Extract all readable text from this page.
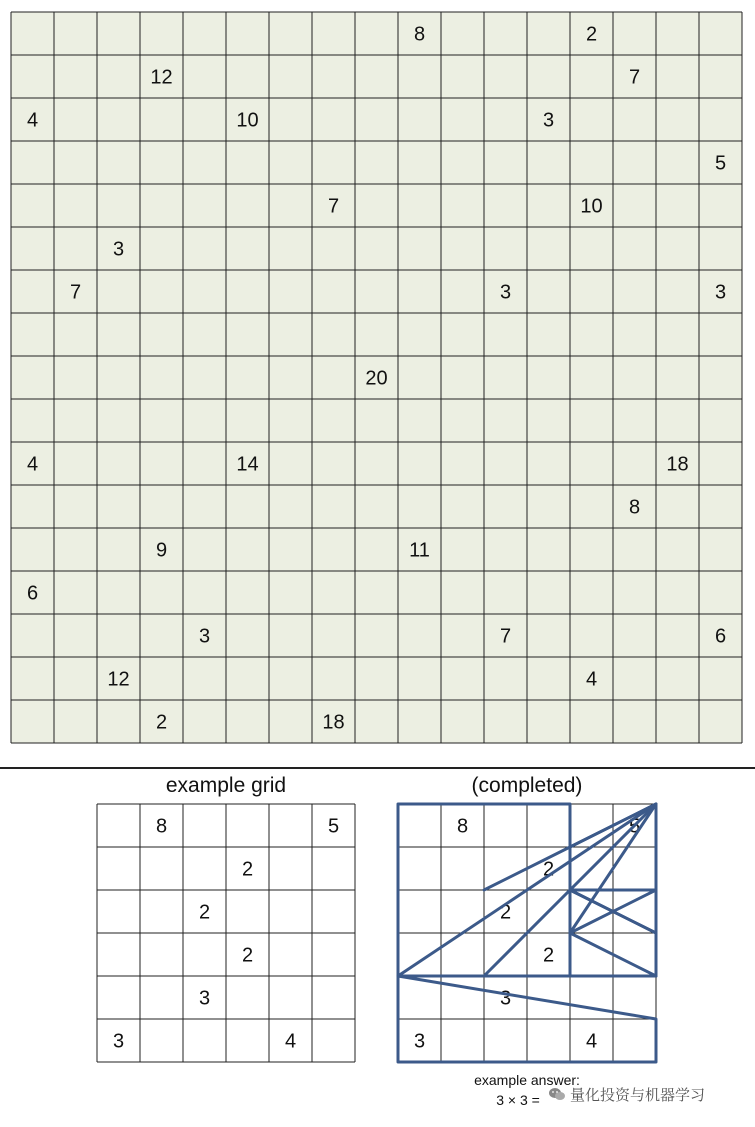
8	2
12	7
4	10	3
5
7	10
3
7	3	3
20
4	14	18
8
9	11
6
3	7	6
12	4
2	18
example grid
8	5
2
2
2
3
3	4
(completed)
8	5
2
2
2
3
3	4
example answer:
3 × 3 = 量化投资与机器学习
